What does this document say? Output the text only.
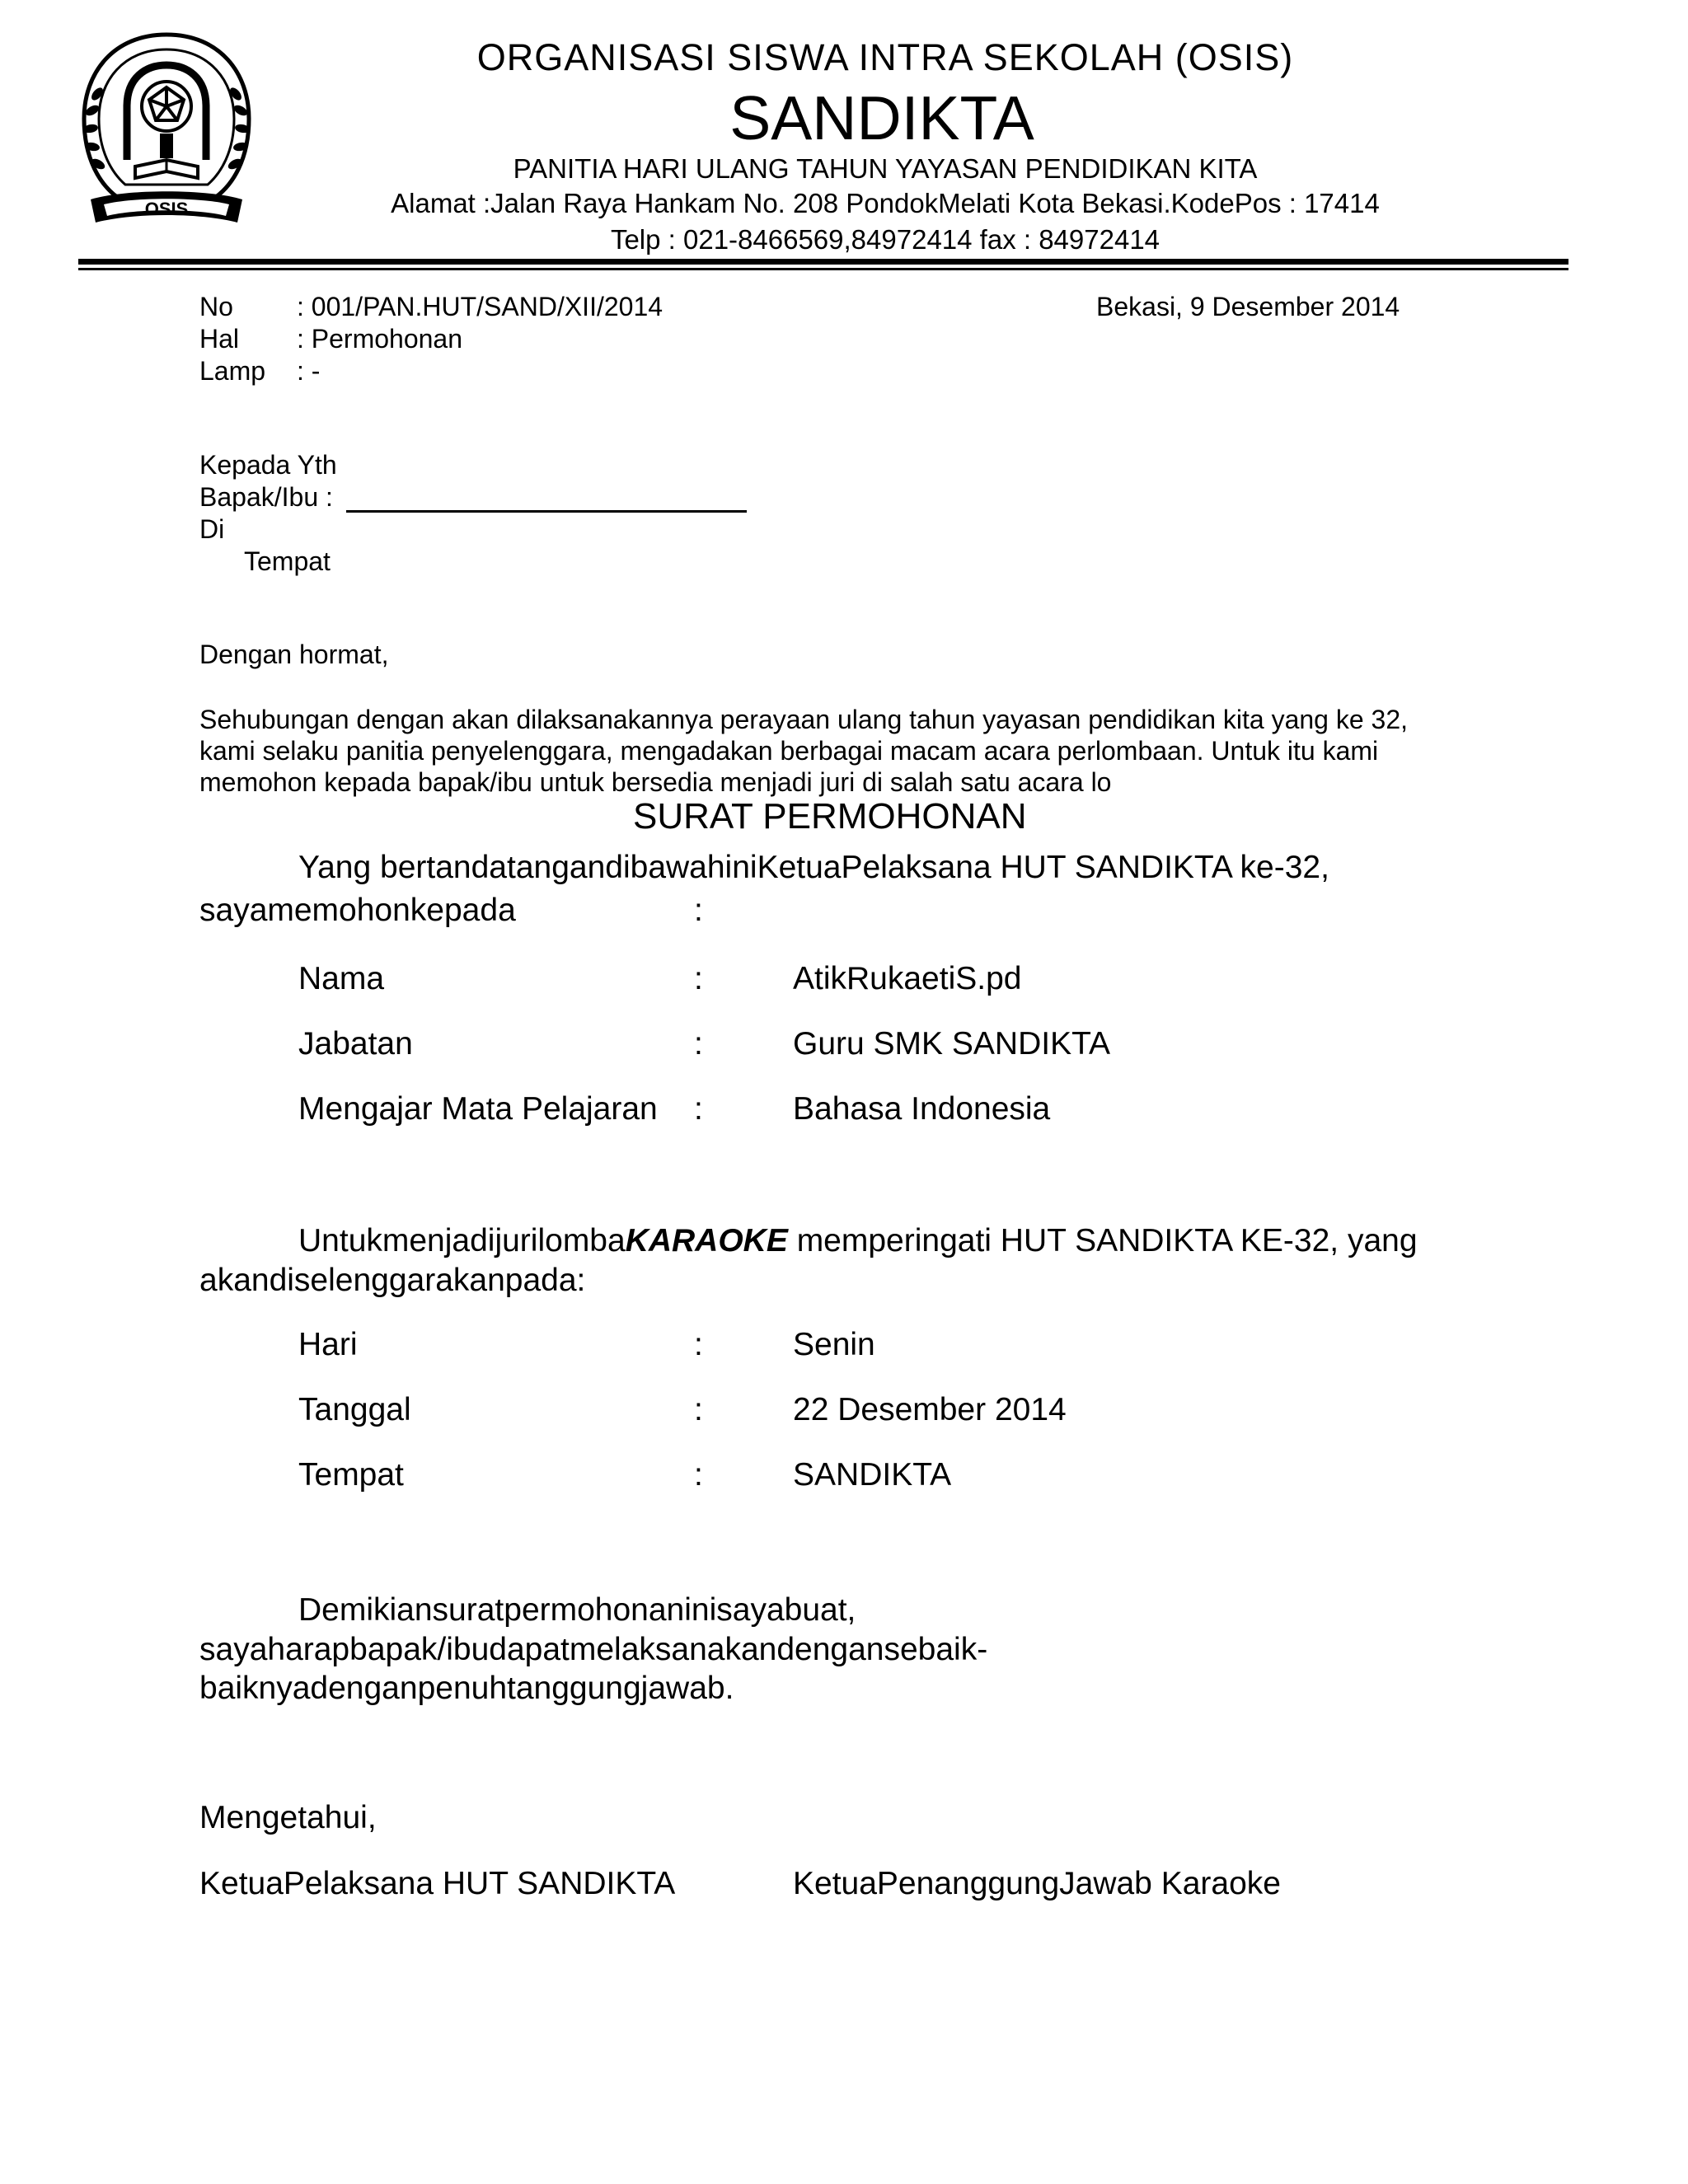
OSIS
ORGANISASI SISWA INTRA SEKOLAH (OSIS)
SANDIKTA
PANITIA HARI ULANG TAHUN YAYASAN PENDIDIKAN KITA
Alamat :Jalan Raya Hankam No. 208 PondokMelati Kota Bekasi.KodePos : 17414
Telp : 021-8466569,84972414 fax : 84972414
No : 001/PAN.HUT/SAND/XII/2014	Bekasi, 9 Desember 2014
Hal : Permohonan
Lamp : -
Kepada Yth
Bapak/Ibu :
Di
Tempat
Dengan hormat,
Sehubungan dengan akan dilaksanakannya perayaan ulang tahun yayasan pendidikan kita yang ke 32,
kami selaku panitia penyelenggara, mengadakan berbagai macam acara perlombaan. Untuk itu kami
memohon kepada bapak/ibu untuk bersedia menjadi juri di salah satu acara lo
SURAT PERMOHONAN
Yang bertandatangandibawahiniKetuaPelaksana HUT SANDIKTA ke-32,
sayamemohonkepada	:
Nama	:	AtikRukaetiS.pd
Jabatan	:	Guru SMK SANDIKTA
Mengajar Mata Pelajaran :	Bahasa Indonesia
UntukmenjadijurilombaKARAOKE memperingati HUT SANDIKTA KE-32, yang
akandiselenggarakanpada:
Hari	:	Senin
Tanggal	:	22 Desember 2014
Tempat	:	SANDIKTA
Demikiansuratpermohonaninisayabuat,
sayaharapbapak/ibudapatmelaksanakandengansebaik-
baiknyadenganpenuhtanggungjawab.
Mengetahui,
KetuaPelaksana HUT SANDIKTA	KetuaPenanggungJawab Karaoke
